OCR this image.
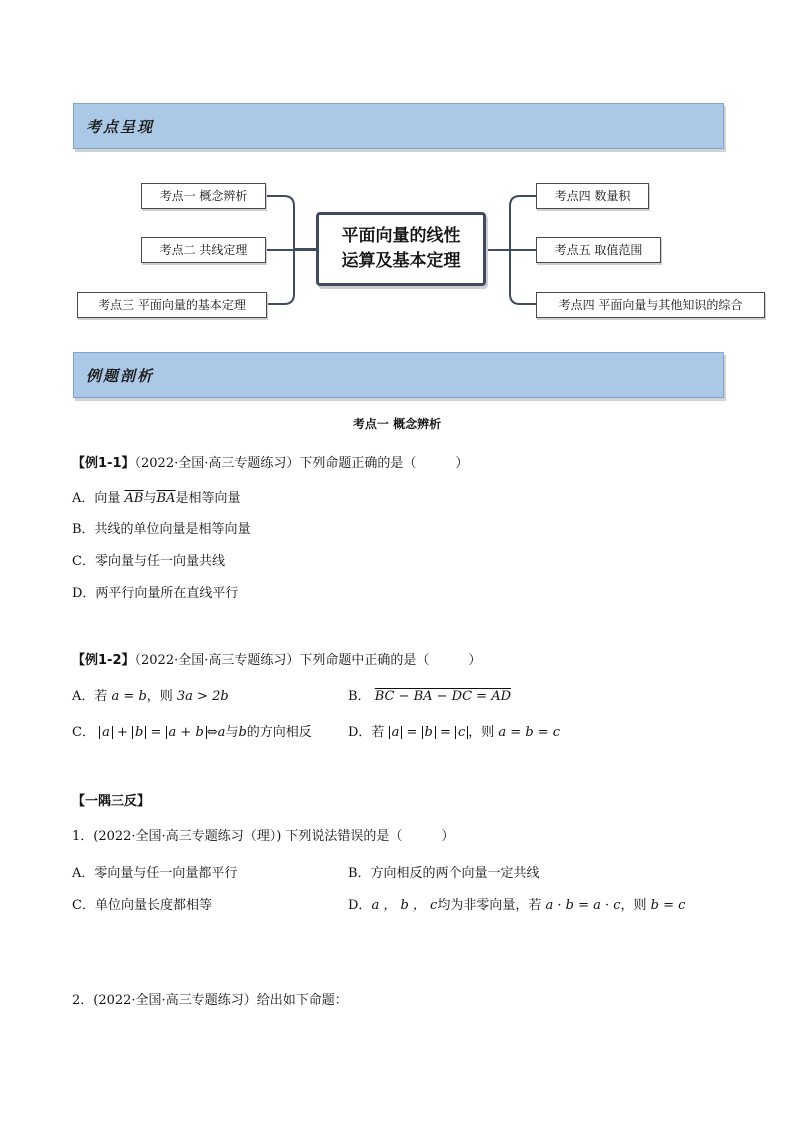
考点呈现
考点一 概念辨析
考点二 共线定理
考点三 平面向量的基本定理
平面向量的线性
运算及基本定理
考点四 数量积
考点五 取值范围
考点四 平面向量与其他知识的综合
例题剖析
考点一 概念辨析
【例1-1】（2022·全国·高三专题练习）下列命题正确的是（　　　）
A．向量 $\overline{AB}$与$\overline{BA}$是相等向量
B．共线的单位向量是相等向量
C．零向量与任一向量共线
D．两平行向量所在直线平行
【例1-2】（2022·全国·高三专题练习）下列命题中正确的是（　　　）
A．若 a = b，则 3a > 2b	B． BC − BA − DC = AD
C． a + b = a + b ⇔a与b的方向相反	D．若 a = b = c ，则 a = b = c
【一隅三反】
1．(2022·全国·高三专题练习（理）) 下列说法错误的是（　　　）
A．零向量与任一向量都平行	B．方向相反的两个向量一定共线
C．单位向量长度都相等	D．a ， b ， c均为非零向量，若 a · b = a · c，则 b = c
2．(2022·全国·高三专题练习）给出如下命题：
